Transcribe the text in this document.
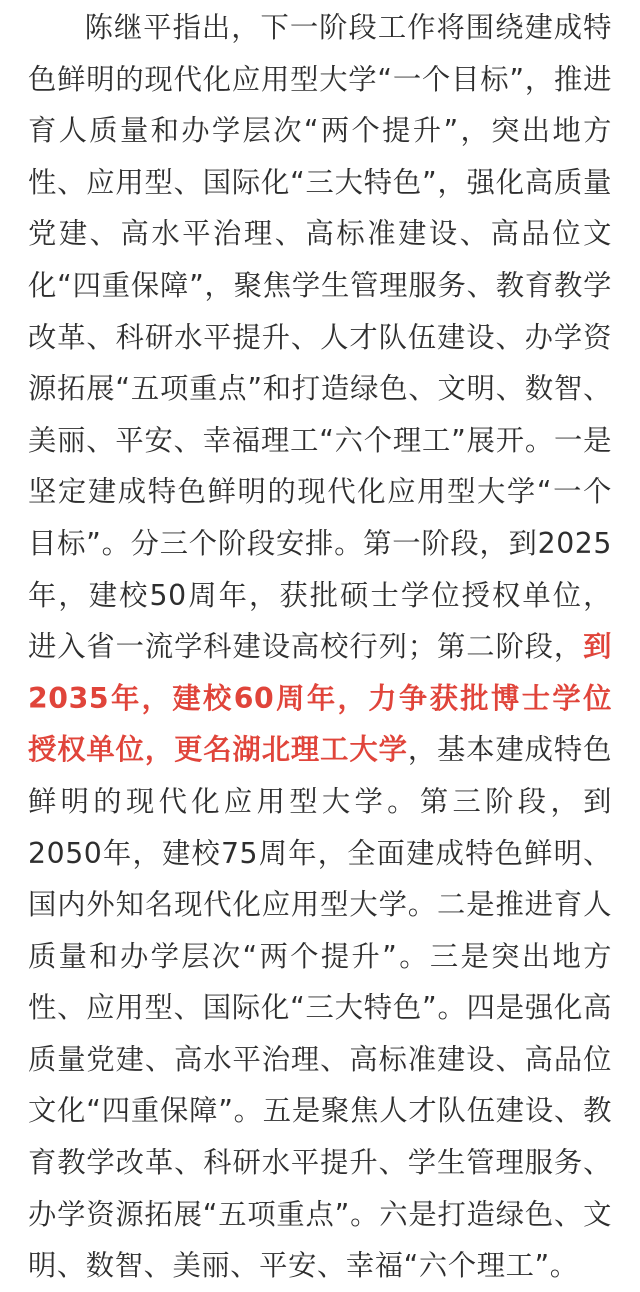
陈继平指出，下一阶段工作将围绕建成特色鲜明的现代化应用型大学“一个目标”，推进育人质量和办学层次“两个提升”，突出地方性、应用型、国际化“三大特色”，强化高质量党建、高水平治理、高标准建设、高品位文化“四重保障”，聚焦学生管理服务、教育教学改革、科研水平提升、人才队伍建设、办学资源拓展“五项重点”和打造绿色、文明、数智、美丽、平安、幸福理工“六个理工”展开。一是坚定建成特色鲜明的现代化应用型大学“一个目标”。分三个阶段安排。第一阶段，到2025年，建校50周年，获批硕士学位授权单位，进入省一流学科建设高校行列；第二阶段，到2035年，建校60周年，力争获批博士学位授权单位，更名湖北理工大学，基本建成特色鲜明的现代化应用型大学。第三阶段，到2050年，建校75周年，全面建成特色鲜明、国内外知名现代化应用型大学。二是推进育人质量和办学层次“两个提升”。三是突出地方性、应用型、国际化“三大特色”。四是强化高质量党建、高水平治理、高标准建设、高品位文化“四重保障”。五是聚焦人才队伍建设、教育教学改革、科研水平提升、学生管理服务、办学资源拓展“五项重点”。六是打造绿色、文明、数智、美丽、平安、幸福“六个理工”。
